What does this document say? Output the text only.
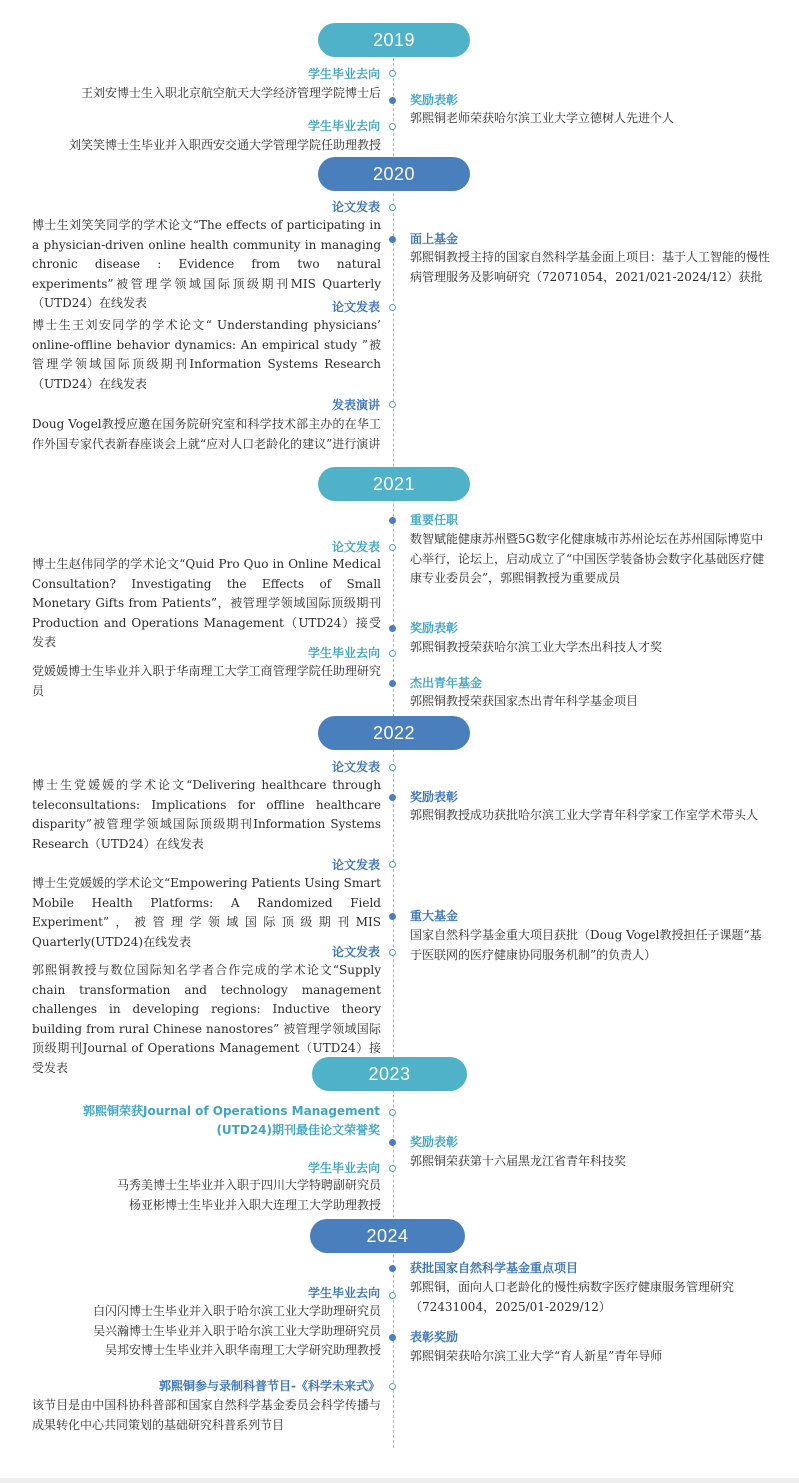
2019
学生毕业去向
王刘安博士生入职北京航空航天大学经济管理学院博士后 奖励表彰
郭熙铜老师荣获哈尔滨工业大学立德树人先进个人
学生毕业去向
刘笑笑博士生毕业并入职西安交通大学管理学院任助理教授
2020
论文发表
博士生刘笑笑同学的学术论文“The effects of participating in a physician-driven online health community in managing chronic disease : Evidence from two natural experiments”被管理学领域国际顶级期刊MIS Quarterly（UTD24）在线发表
面上基金
郭熙铜教授主持的国家自然科学基金面上项目：基于人工智能的慢性病管理服务及影响研究（72071054，2021/021-2024/12）获批
论文发表
博士生王刘安同学的学术论文“ Understanding physicians’ online-offline behavior dynamics: An empirical study ”被管理学领域国际顶级期刊Information Systems Research（UTD24）在线发表
发表演讲
Doug Vogel教授应邀在国务院研究室和科学技术部主办的在华工作外国专家代表新春座谈会上就“应对人口老龄化的建议”进行演讲
2021
重要任职
数智赋能健康苏州暨5G数字化健康城市苏州论坛在苏州国际博览中心举行，论坛上，启动成立了“中国医学装备协会数字化基础医疗健康专业委员会”，郭熙铜教授为重要成员
论文发表
博士生赵伟同学的学术论文“Quid Pro Quo in Online Medical Consultation? Investigating the Effects of Small Monetary Gifts from Patients”，被管理学领域国际顶级期刊Production and Operations Management（UTD24）接受发表
奖励表彰
郭熙铜教授荣获哈尔滨工业大学杰出科技人才奖
学生毕业去向
党媛媛博士生毕业并入职于华南理工大学工商管理学院任助理研究员
杰出青年基金
郭熙铜教授荣获国家杰出青年科学基金项目
2022
论文发表
博士生党媛媛的学术论文“Delivering healthcare through teleconsultations: Implications for offline healthcare disparity”被管理学领域国际顶级期刊Information Systems Research（UTD24）在线发表
奖励表彰
郭熙铜教授成功获批哈尔滨工业大学青年科学家工作室学术带头人
论文发表
博士生党媛媛的学术论文“Empowering Patients Using Smart Mobile Health Platforms: A Randomized Field Experiment”，被管理学领域国际顶级期刊MIS Quarterly(UTD24)在线发表
重大基金
国家自然科学基金重大项目获批（Doug Vogel教授担任子课题“基于医联网的医疗健康协同服务机制”的负责人）
论文发表
郭熙铜教授与数位国际知名学者合作完成的学术论文“Supply chain transformation and technology management challenges in developing regions: Inductive theory building from rural Chinese nanostores” 被管理学领域国际顶级期刊Journal of Operations Management（UTD24）接受发表	2023
郭熙铜荣获Journal of Operations Management
(UTD24)期刊最佳论文荣誉奖
奖励表彰
郭熙铜荣获第十六届黑龙江省青年科技奖
学生毕业去向
马秀美博士生毕业并入职于四川大学特聘副研究员
杨亚彬博士生毕业并入职大连理工大学助理教授
2024
获批国家自然科学基金重点项目
郭熙铜，面向人口老龄化的慢性病数字医疗健康服务管理研究（72431004，2025/01-2029/12）
学生毕业去向
白闪闪博士生毕业并入职于哈尔滨工业大学助理研究员
吴兴瀚博士生毕业并入职于哈尔滨工业大学助理研究员
吴邦安博士生毕业并入职华南理工大学研究助理教授
表彰奖励
郭熙铜荣获哈尔滨工业大学“育人新星”青年导师
郭熙铜参与录制科普节目-《科学未来式》
该节目是由中国科协科普部和国家自然科学基金委员会科学传播与成果转化中心共同策划的基础研究科普系列节目
